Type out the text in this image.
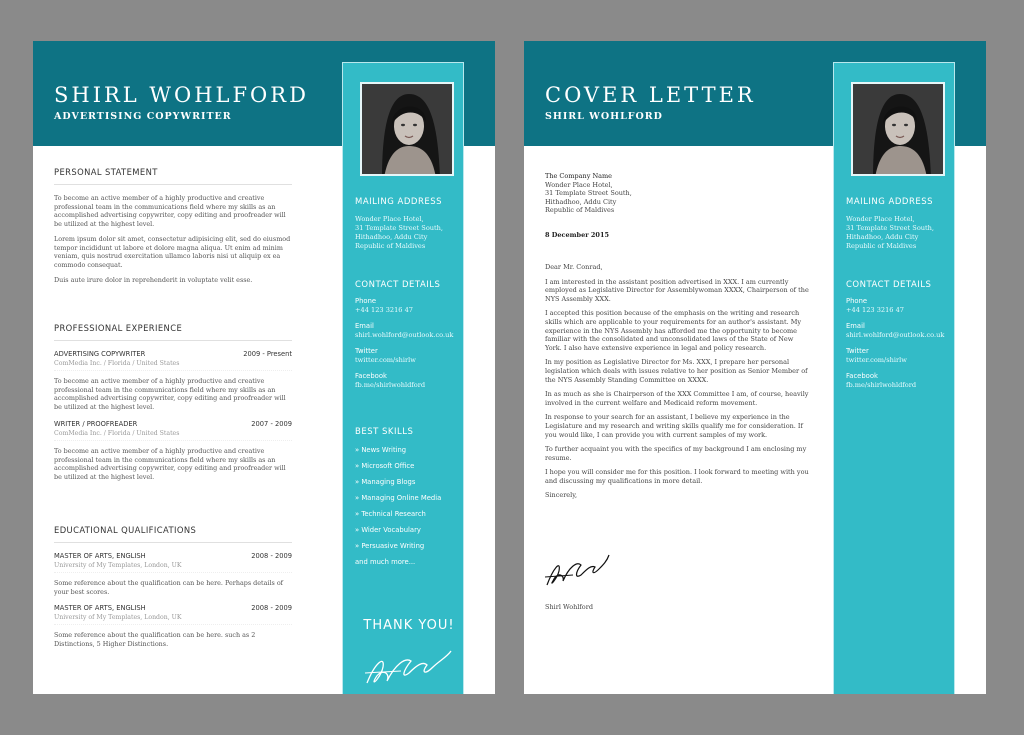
SHIRL WOHLFORD
ADVERTISING COPYWRITER
PERSONAL STATEMENT
To become an active member of a highly productive and creative professional team in the communications field where my skills as an accomplished advertising copywriter, copy editing and proofreader will be utilized at the highest level.
Lorem ipsum dolor sit amet, consectetur adipisicing elit, sed do eiusmod tempor incididunt ut labore et dolore magna aliqua. Ut enim ad minim veniam, quis nostrud exercitation ullamco laboris nisi ut aliquip ex ea commodo consequat.
Duis aute irure dolor in reprehenderit in voluptate velit esse.
PROFESSIONAL EXPERIENCE
ADVERTISING COPYWRITER	2009 - Present
ComMedia Inc. / Florida / United States
To become an active member of a highly productive and creative professional team in the communications field where my skills as an accomplished advertising copywriter, copy editing and proofreader will be utilized at the highest level.
WRITER / PROOFREADER	2007 - 2009
ComMedia Inc. / Florida / United States
To become an active member of a highly productive and creative professional team in the communications field where my skills as an accomplished advertising copywriter, copy editing and proofreader will be utilized at the highest level.
EDUCATIONAL QUALIFICATIONS
MASTER OF ARTS, ENGLISH	2008 - 2009
University of My Templates, London, UK
Some reference about the qualification can be here. Perhaps details of your best scores.
MASTER OF ARTS, ENGLISH	2008 - 2009
University of My Templates, London, UK
Some reference about the qualification can be here. such as 2 Distinctions, 5 Higher Distinctions.
MAILING ADDRESS
Wonder Place Hotel,
31 Template Street South,
Hithadhoo, Addu City
Republic of Maldives
CONTACT DETAILS
Phone
+44 123 3216 47
Email
shirl.wohlford@outlook.co.uk
Twitter
twitter.com/shirlw
Facebook
fb.me/shirlwohldford
BEST SKILLS
» News Writing
» Microsoft Office
» Managing Blogs
» Managing Online Media
» Technical Research
» Wider Vocabulary
» Persuasive Writing
and much more...
THANK YOU!
COVER LETTER
SHIRL WOHLFORD
The Company Name
Wonder Place Hotel,
31 Template Street South,
Hithadhoo, Addu City
Republic of Maldives
8 December 2015

Dear Mr. Conrad,

I am interested in the assistant position advertised in XXX. I am currently employed as Legislative Director for Assemblywoman XXXX, Chairperson of the NYS Assembly XXX.

I accepted this position because of the emphasis on the writing and research skills which are applicable to your requirements for an author's assistant. My experience in the NYS Assembly has afforded me the opportunity to become familiar with the consolidated and unconsolidated laws of the State of New York. I also have extensive experience in legal and policy research.

In my position as Legislative Director for Ms. XXX, I prepare her personal legislation which deals with issues relative to her position as Senior Member of the NYS Assembly Standing Committee on XXXX.

In as much as she is Chairperson of the XXX Committee I am, of course, heavily involved in the current welfare and Medicaid reform movement.

In response to your search for an assistant, I believe my experience in the Legislature and my research and writing skills qualify me for consideration. If you would like, I can provide you with current samples of my work.

To further acquaint you with the specifics of my background I am enclosing my resume.

I hope you will consider me for this position. I look forward to meeting with you and discussing my qualifications in more detail.

Sincerely,

Shirl Wohlford
MAILING ADDRESS
Wonder Place Hotel,
31 Template Street South,
Hithadhoo, Addu City
Republic of Maldives
CONTACT DETAILS
Phone
+44 123 3216 47
Email
shirl.wohlford@outlook.co.uk
Twitter
twitter.com/shirlw
Facebook
fb.me/shirlwohldford
